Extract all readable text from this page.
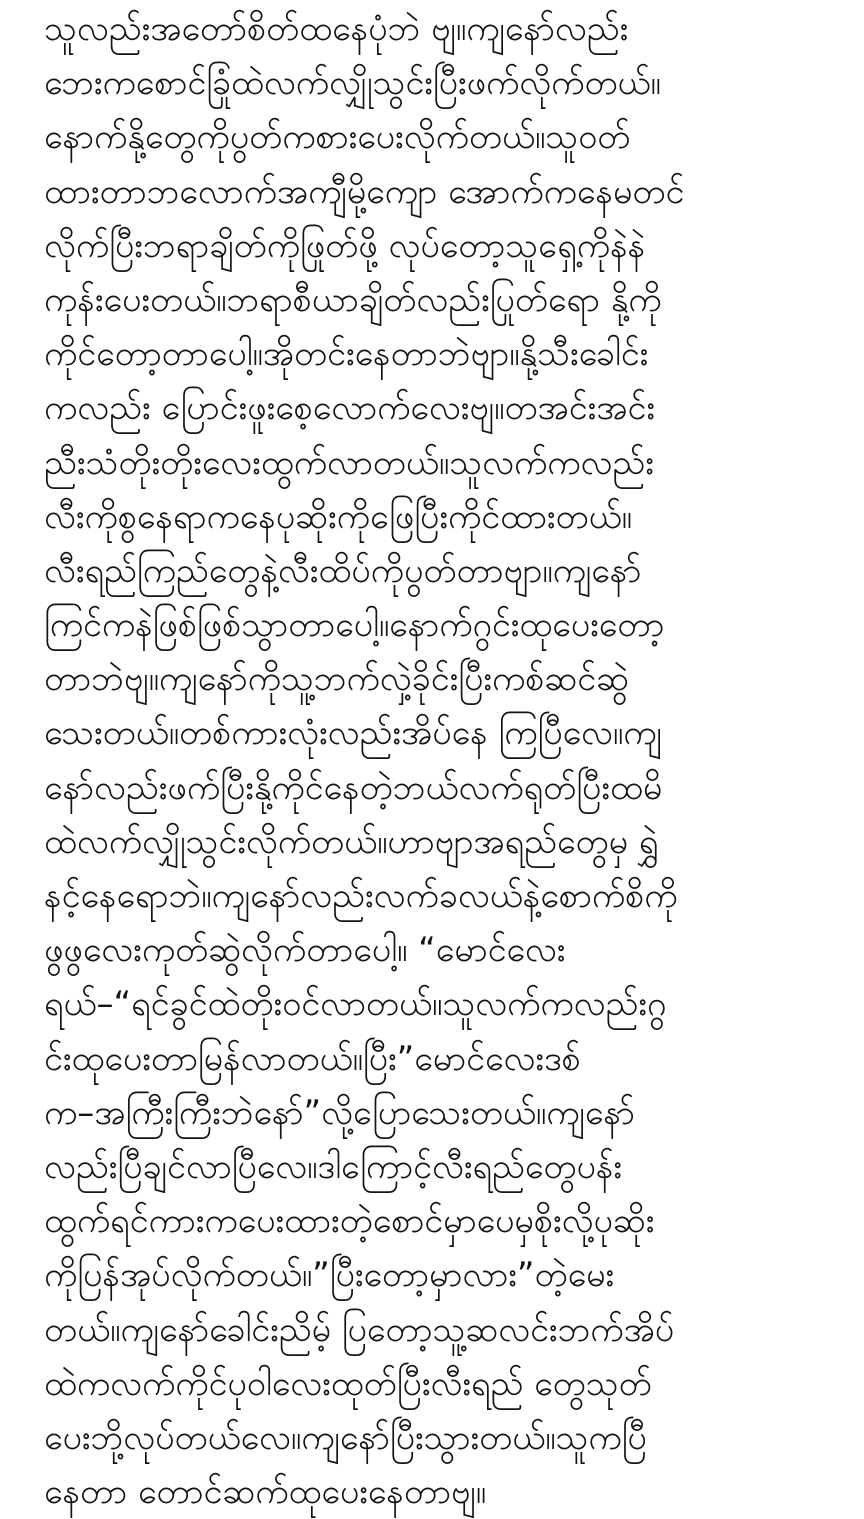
သူလည်းအတော်စိတ်ထနေပုံဘဲ ဗျ။ကျနော်လည်း
ဘေးကစောင်ခြုံထဲလက်လျှိုသွင်းပြီးဖက်လိုက်တယ်။
နောက်နို့တွေကိုပွတ်ကစားပေးလိုက်တယ်။သူဝတ်
ထားတာဘလောက်အကျီမို့ကျော အောက်ကနေမတင်
လိုက်ပြီးဘရာချိတ်ကိုဖြုတ်ဖို့ လုပ်တော့သူရှေ့ကိုနဲနဲ
ကုန်းပေးတယ်။ဘရာစီယာချိတ်လည်းပြုတ်ရော နို့ကို
ကိုင်တော့တာပေါ့။အိုတင်းနေတာဘဲဗျာ။နို့သီးခေါင်း
ကလည်း ပြောင်းဖူးစေ့လောက်လေးဗျ။တအင်းအင်း
ညီးသံတိုးတိုးလေးထွက်လာတယ်။သူလက်ကလည်း
လီးကိုစွနေရာကနေပုဆိုးကိုဖြေပြီးကိုင်ထားတယ်။
လီးရည်ကြည်တွေနဲ့လီးထိပ်ကိုပွတ်တာဗျာ။ကျနော်
ကြင်ကနဲဖြစ်ဖြစ်သွာတာပေါ့။နောက်ဂွင်းထုပေးတော့
တာဘဲဗျ။ကျနော်ကိုသူ့ဘက်လှဲ့ခိုင်းပြီးကစ်ဆင်ဆွဲ
သေးတယ်။တစ်ကားလုံးလည်းအိပ်နေ ကြပြီလေ။ကျ
နော်လည်းဖက်ပြီးနို့ကိုင်နေတဲ့ဘယ်လက်ရုတ်ပြီးထမိ
ထဲလက်လျှိုသွင်းလိုက်တယ်။ဟာဗျာအရည်တွေမှ ရွှဲ
နင့်နေရောဘဲ။ကျနော်လည်းလက်ခလယ်နဲ့စောက်စိကို
ဖွဖွလေးကုတ်ဆွဲလိုက်တာပေါ့။ “မောင်လေး
ရယ်–“ရင်ခွင်ထဲတိုးဝင်လာတယ်။သူလက်ကလည်းဂွ
င်းထုပေးတာမြန်လာတယ်။ပြီး”မောင်လေးဒစ်
က–အကြီးကြီးဘဲနော်”လို့ပြောသေးတယ်။ကျနော်
လည်းပြီချင်လာပြီလေ။ဒါကြောင့်လီးရည်တွေပန်း
ထွက်ရင်ကားကပေးထားတဲ့စောင်မှာပေမှစိုးလို့ပုဆိုး
ကိုပြန်အုပ်လိုက်တယ်။”ပြီးတော့မှာလား”တဲ့မေး
တယ်။ကျနော်ခေါင်းညိမ့် ပြတော့သူ့ဆလင်းဘက်အိပ်
ထဲကလက်ကိုင်ပုဝါလေးထုတ်ပြီးလီးရည် တွေသုတ်
ပေးဘို့လုပ်တယ်လေ။ကျနော်ပြီးသွားတယ်။သူကပြီ
နေတာ တောင်ဆက်ထုပေးနေတာဗျ။
